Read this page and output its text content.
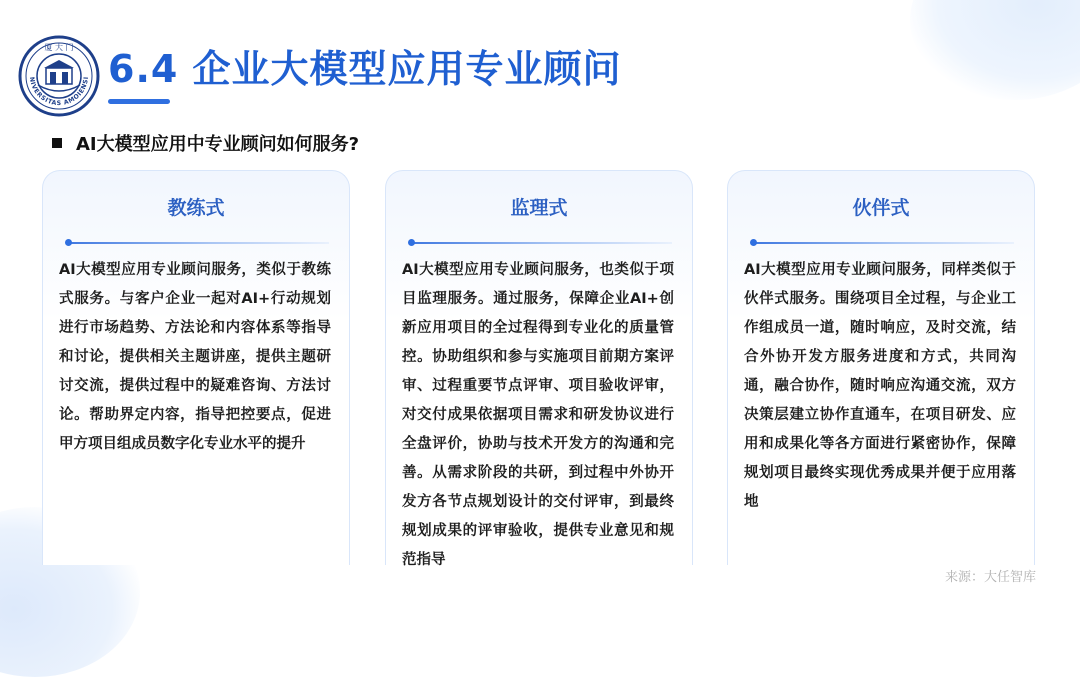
厦 大 门
NIVERSITAS AMOIENSI 6.4 企业大模型应用专业顾问
AI大模型应用中专业顾问如何服务?
教练式
AI大模型应用专业顾问服务，类似于教练式服务。与客户企业一起对AI+行动规划进行市场趋势、方法论和内容体系等指导和讨论，提供相关主题讲座，提供主题研讨交流，提供过程中的疑难咨询、方法讨论。帮助界定内容，指导把控要点，促进甲方项目组成员数字化专业水平的提升
监理式
AI大模型应用专业顾问服务，也类似于项目监理服务。通过服务，保障企业AI+创新应用项目的全过程得到专业化的质量管控。协助组织和参与实施项目前期方案评审、过程重要节点评审、项目验收评审，对交付成果依据项目需求和研发协议进行全盘评价，协助与技术开发方的沟通和完善。从需求阶段的共研，到过程中外协开发方各节点规划设计的交付评审，到最终规划成果的评审验收，提供专业意见和规范指导
伙伴式
AI大模型应用专业顾问服务，同样类似于伙伴式服务。围绕项目全过程，与企业工作组成员一道，随时响应，及时交流，结合外协开发方服务进度和方式，共同沟通，融合协作，随时响应沟通交流，双方决策层建立协作直通车，在项目研发、应用和成果化等各方面进行紧密协作，保障规划项目最终实现优秀成果并便于应用落地
来源：大任智库
